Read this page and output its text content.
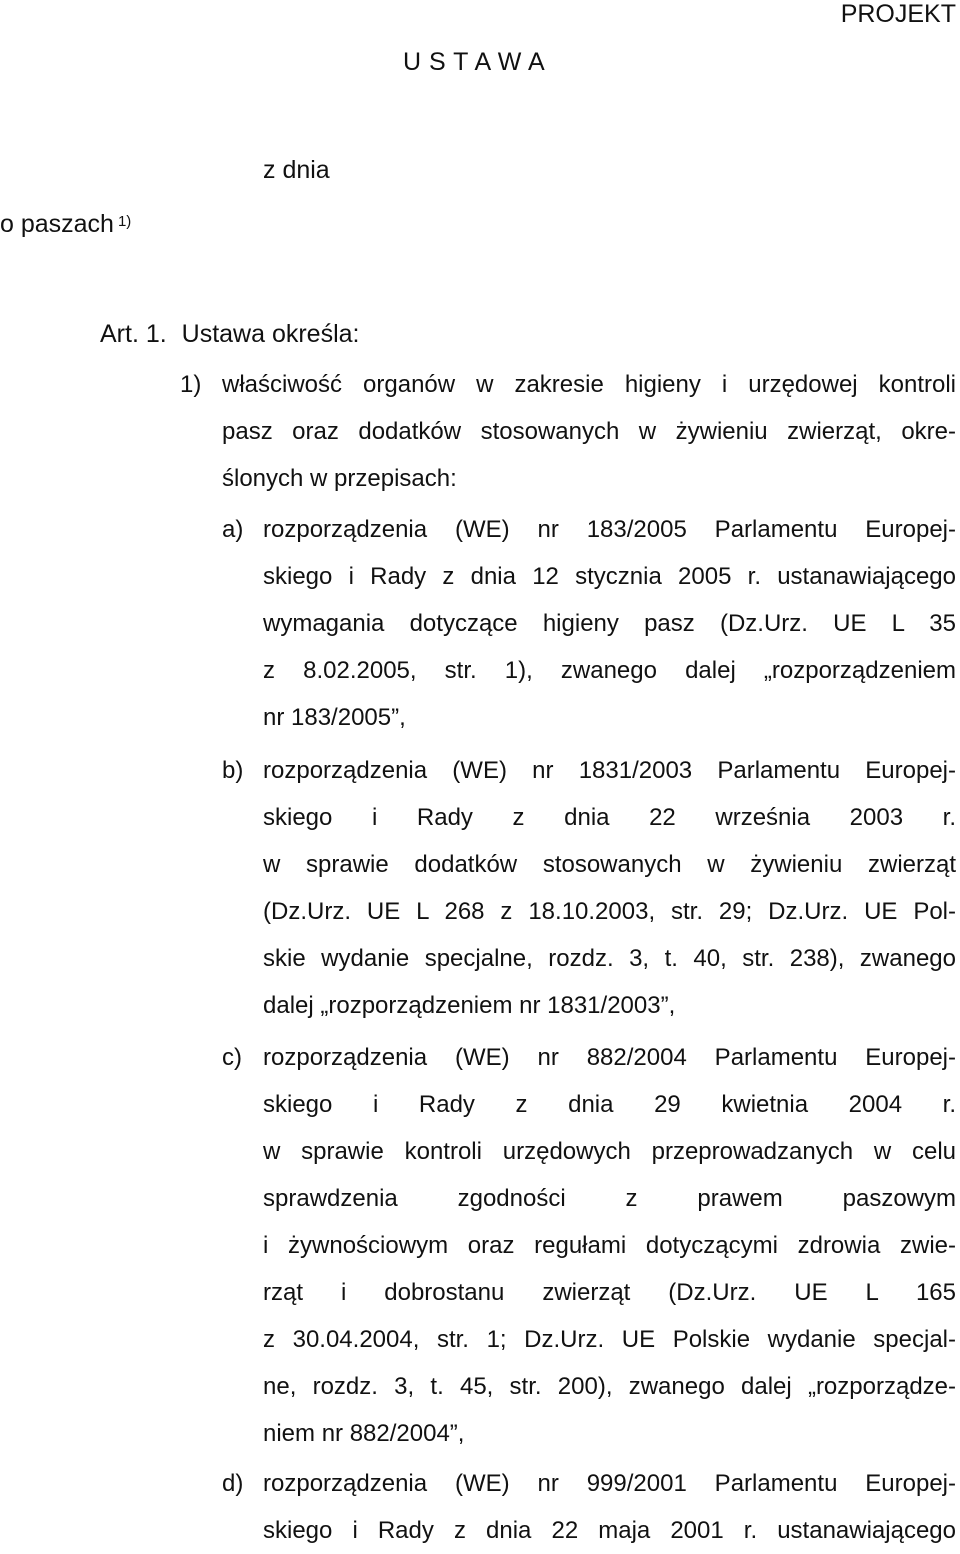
PROJEKT
U S T A W A
z dnia
o paszach $^{1)}$
Art. 1. Ustawa określa:
1) właściwość organów w zakresie higieny i urzędowej kontroli
pasz oraz dodatków stosowanych w żywieniu zwierząt, okre-
ślonych w przepisach:
a) rozporządzenia (WE) nr 183/2005 Parlamentu Europej-
skiego i Rady z dnia 12 stycznia 2005 r. ustanawiającego
wymagania dotyczące higieny pasz (Dz.Urz. UE L 35
z 8.02.2005, str. 1), zwanego dalej „rozporządzeniem
nr 183/2005”,
b) rozporządzenia (WE) nr 1831/2003 Parlamentu Europej-
skiego i Rady z dnia 22 września 2003 r.
w sprawie dodatków stosowanych w żywieniu zwierząt
(Dz.Urz. UE L 268 z 18.10.2003, str. 29; Dz.Urz. UE Pol-
skie wydanie specjalne, rozdz. 3, t. 40, str. 238), zwanego
dalej „rozporządzeniem nr 1831/2003”,
c) rozporządzenia (WE) nr 882/2004 Parlamentu Europej-
skiego i Rady z dnia 29 kwietnia 2004 r.
w sprawie kontroli urzędowych przeprowadzanych w celu
sprawdzenia zgodności z prawem paszowym
i żywnościowym oraz regułami dotyczącymi zdrowia zwie-
rząt i dobrostanu zwierząt (Dz.Urz. UE L 165
z 30.04.2004, str. 1; Dz.Urz. UE Polskie wydanie specjal-
ne, rozdz. 3, t. 45, str. 200), zwanego dalej „rozporządze-
niem nr 882/2004”,
d) rozporządzenia (WE) nr 999/2001 Parlamentu Europej-
skiego i Rady z dnia 22 maja 2001 r. ustanawiającego
